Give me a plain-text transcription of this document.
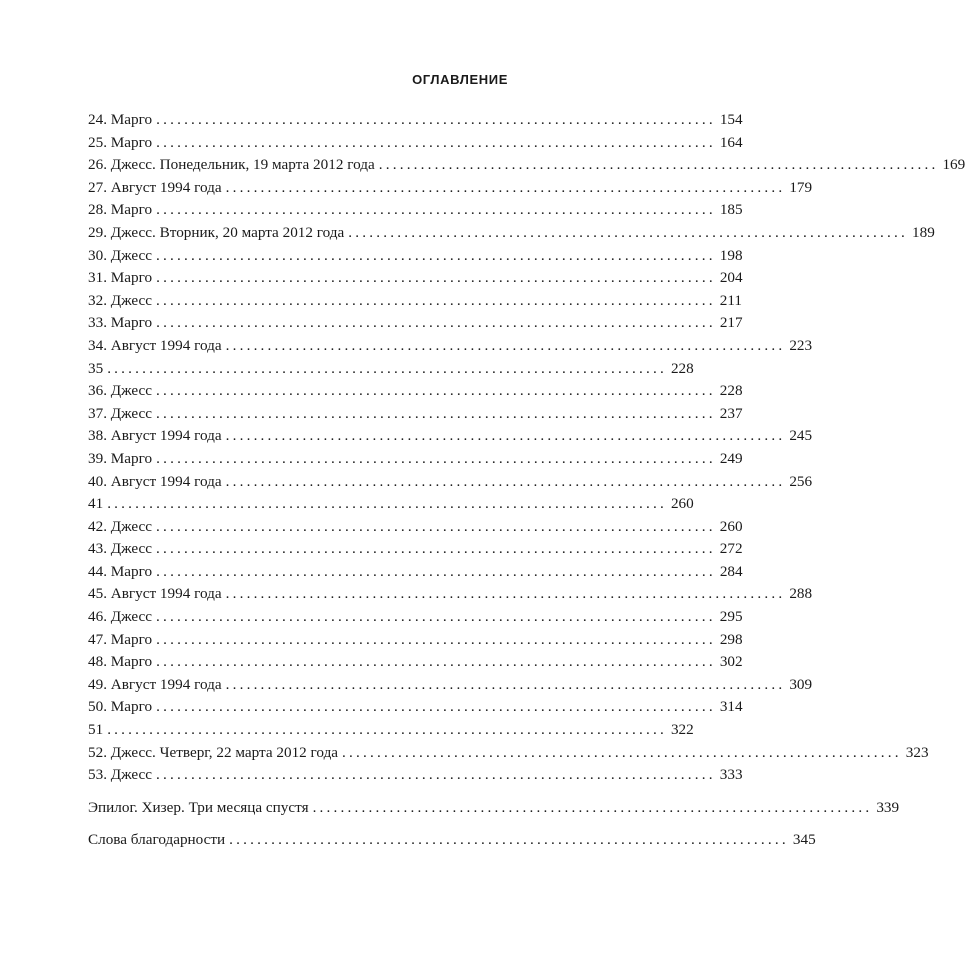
ОГЛАВЛЕНИЕ
24. Марго ................................................................................ 154
25. Марго ................................................................................ 164
26. Джесс. Понедельник, 19 марта 2012 года ................................................................................ 169
27. Август 1994 года ................................................................................ 179
28. Марго ................................................................................ 185
29. Джесс. Вторник, 20 марта 2012 года ................................................................................ 189
30. Джесс ................................................................................ 198
31. Марго ................................................................................ 204
32. Джесс ................................................................................ 211
33. Марго ................................................................................ 217
34. Август 1994 года ................................................................................ 223
35 ................................................................................ 228
36. Джесс ................................................................................ 228
37. Джесс ................................................................................ 237
38. Август 1994 года ................................................................................ 245
39. Марго ................................................................................ 249
40. Август 1994 года ................................................................................ 256
41 ................................................................................ 260
42. Джесс ................................................................................ 260
43. Джесс ................................................................................ 272
44. Марго ................................................................................ 284
45. Август 1994 года ................................................................................ 288
46. Джесс ................................................................................ 295
47. Марго ................................................................................ 298
48. Марго ................................................................................ 302
49. Август 1994 года ................................................................................ 309
50. Марго ................................................................................ 314
51 ................................................................................ 322
52. Джесс. Четверг, 22 марта 2012 года ................................................................................ 323
53. Джесс ................................................................................ 333
Эпилог. Хизер. Три месяца спустя ................................................................................ 339
Слова благодарности ................................................................................ 345
